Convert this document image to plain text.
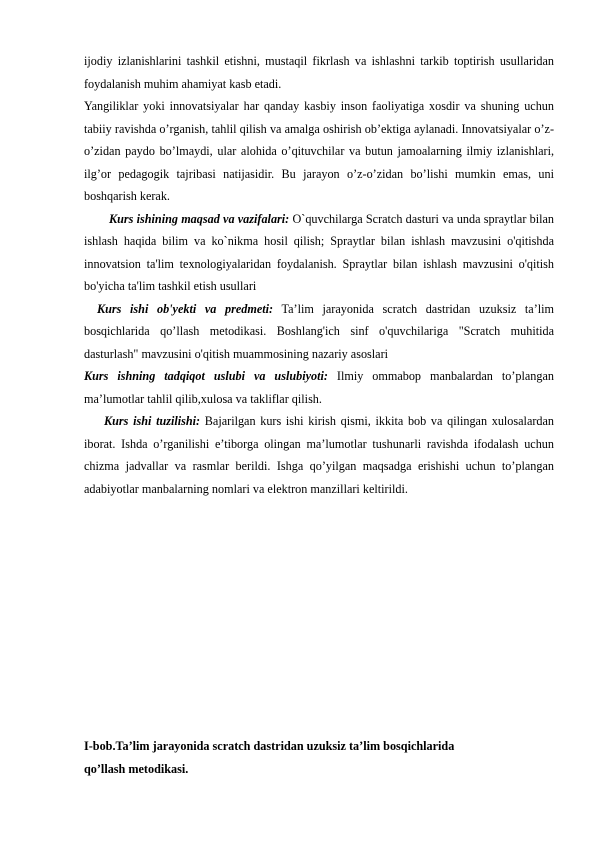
ijodiy izlanishlarini tashkil etishni, mustaqil fikrlash va ishlashni tarkib toptirish usullaridan foydalanish muhim ahamiyat kasb etadi.

Yangiliklar yoki innovatsiyalar har qanday kasbiy inson faoliyatiga xosdir va shuning uchun tabiiy ravishda o’rganish, tahlil qilish va amalga oshirish ob’ektiga aylanadi. Innovatsiyalar o’z-o’zidan paydo bo’lmaydi, ular alohida o’qituvchilar va butun jamoalarning ilmiy izlanishlari, ilg’or pedagogik tajribasi natijasidir. Bu jarayon o’z-o’zidan bo’lishi mumkin emas, uni boshqarish kerak.

Kurs ishining maqsad va vazifalari: O`quvchilarga Scratch dasturi va unda spraytlar bilan ishlash haqida bilim va ko`nikma hosil qilish; Spraytlar bilan ishlash mavzusini o'qitishda innovatsion ta'lim texnologiyalaridan foydalanish. Spraytlar bilan ishlash mavzusini o'qitish bo'yicha ta'lim tashkil etish usullari

Kurs ishi ob'yekti va predmeti: Ta’lim jarayonida scratch dastridan uzuksiz ta’lim bosqichlarida qo’llash metodikasi. Boshlang'ich sinf o'quvchilariga "Scratch muhitida dasturlash" mavzusini o'qitish muammosining nazariy asoslari

Kurs ishning tadqiqot uslubi va uslubiyoti: Ilmiy ommabop manbalardan to’plangan ma’lumotlar tahlil qilib,xulosa va takliflar qilish.

Kurs ishi tuzilishi: Bajarilgan kurs ishi kirish qismi, ikkita bob va qilingan xulosalardan iborat. Ishda o’rganilishi e’tiborga olingan ma’lumotlar tushunarli ravishda ifodalash uchun chizma jadvallar va rasmlar berildi. Ishga qo’yilgan maqsadga erishishi uchun to’plangan adabiyotlar manbalarning nomlari va elektron manzillari keltirildi.

I-bob.Ta’lim jarayonida scratch dastridan uzuksiz ta’lim bosqichlarida
qo’llash metodikasi.
